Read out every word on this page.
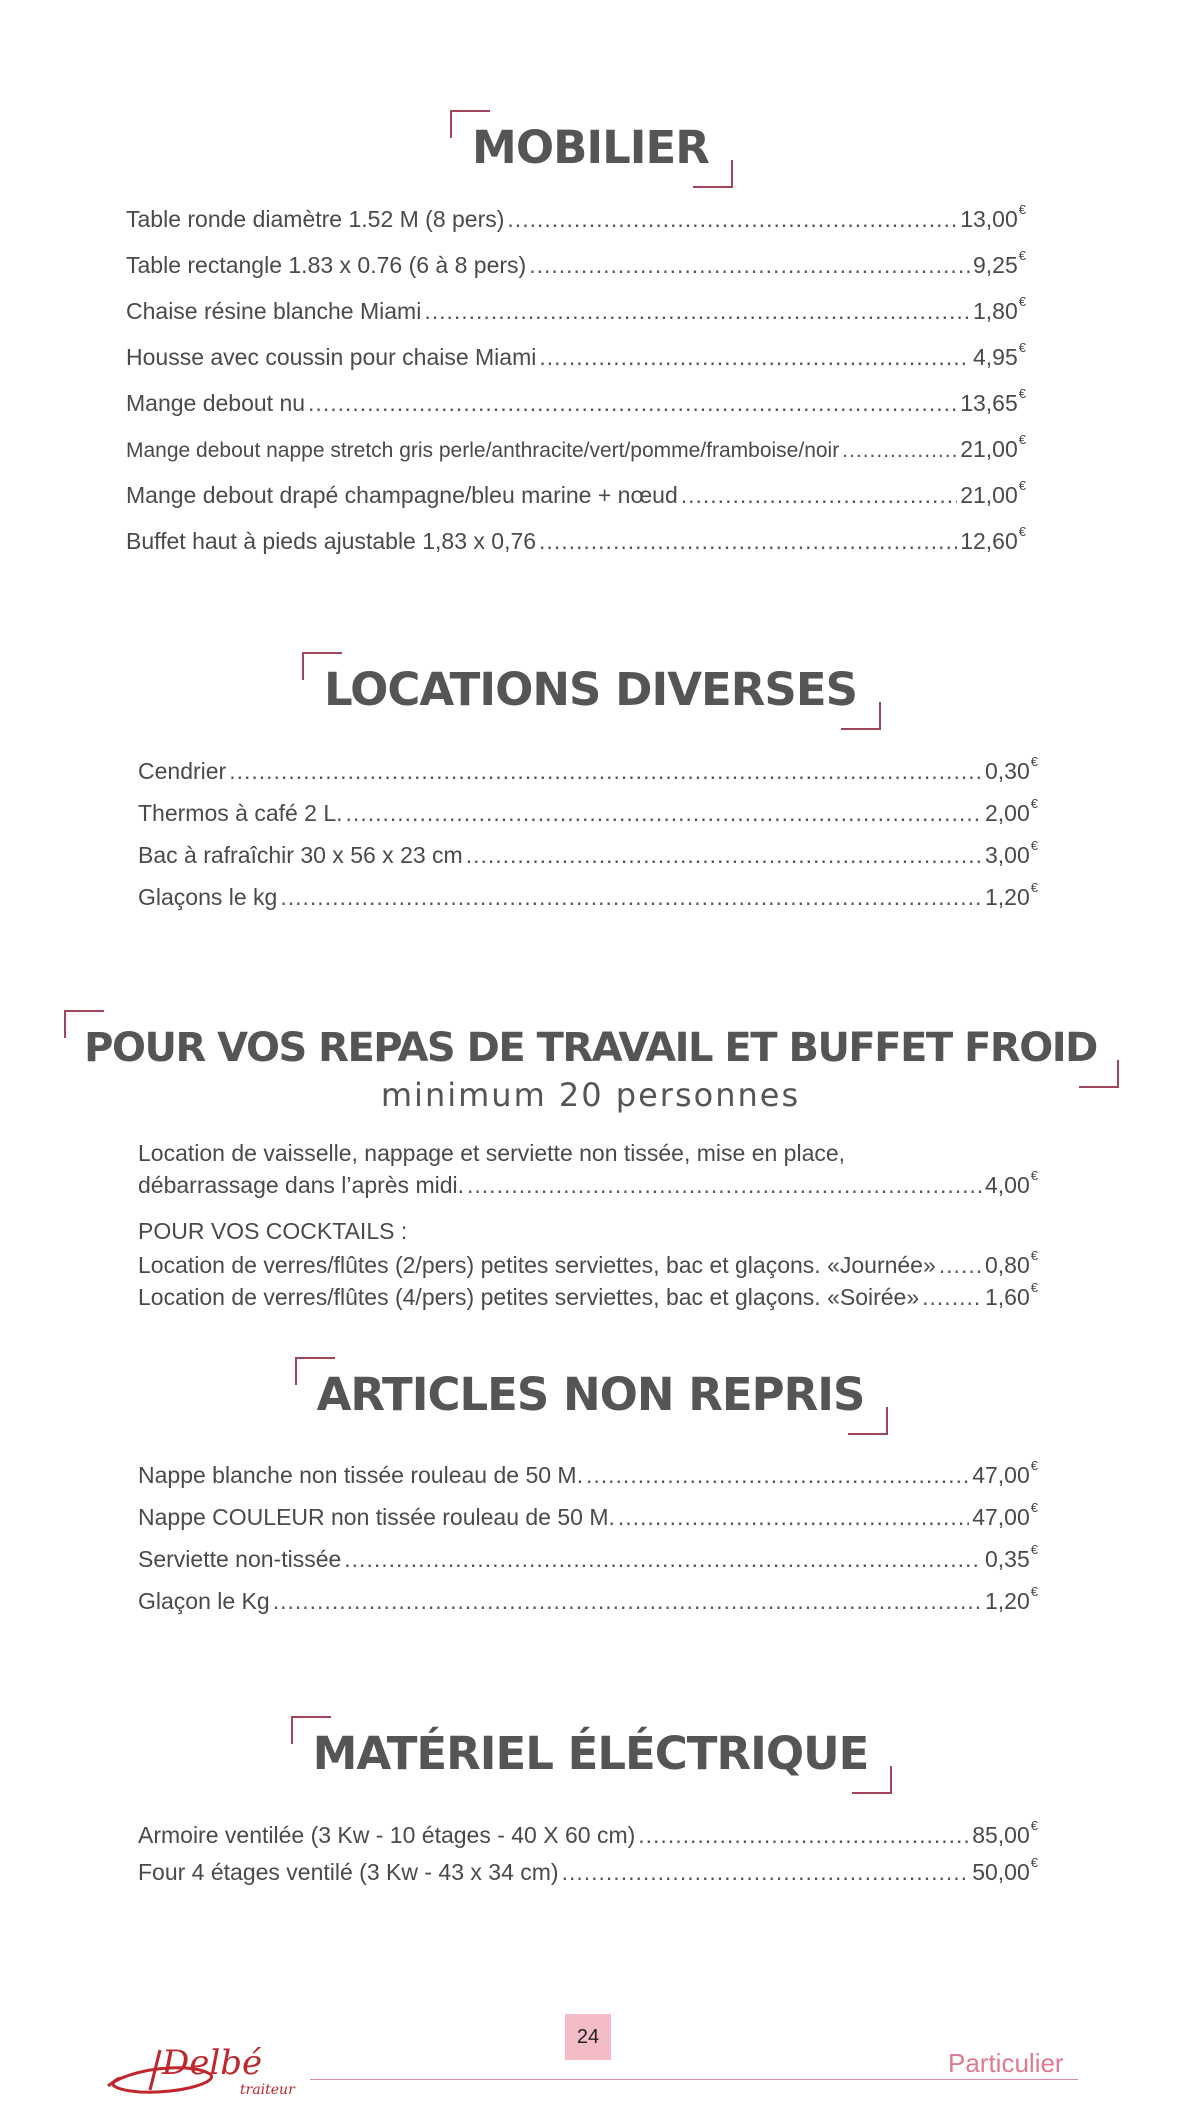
MOBILIER
Table ronde diamètre 1.52 M (8 pers) .....	13,00€
Table rectangle 1.83 x 0.76 (6 à 8 pers) .....	9,25€
Chaise résine blanche Miami .....	1,80€
Housse avec coussin pour chaise Miami .....	4,95€
Mange debout nu .....	13,65€
Mange debout nappe stretch gris perle/anthracite/vert/pomme/framboise/noir .....	21,00€
Mange debout drapé champagne/bleu marine + nœud .....	21,00€
Buffet haut à pieds ajustable 1,83 x 0,76 .....	12,60€
LOCATIONS DIVERSES
Cendrier .....	0,30€
Thermos à café 2 L. .....	2,00€
Bac à rafraîchir 30 x 56 x 23 cm .....	3,00€
Glaçons le kg .....	1,20€
POUR VOS REPAS DE TRAVAIL ET BUFFET FROID
minimum 20 personnes
Location de vaisselle, nappage et serviette non tissée, mise en place,
débarrassage dans l’après midi. .....	4,00€
POUR VOS COCKTAILS :
Location de verres/flûtes (2/pers) petites serviettes, bac et glaçons. «Journée» ..... 0,80€
Location de verres/flûtes (4/pers) petites serviettes, bac et glaçons. «Soirée» .....	1,60€
ARTICLES NON REPRIS
Nappe blanche non tissée rouleau de 50 M. .....	47,00€
Nappe COULEUR non tissée rouleau de 50 M. .....	47,00€
Serviette non-tissée .....	0,35€
Glaçon le Kg .....	1,20€
MATÉRIEL ÉLÉCTRIQUE
Armoire ventilée (3 Kw - 10 étages - 40 X 60 cm) .....	85,00€
Four 4 étages ventilé (3 Kw - 43 x 34 cm) .....	50,00€
Delbé
traiteur
24
Particulier
